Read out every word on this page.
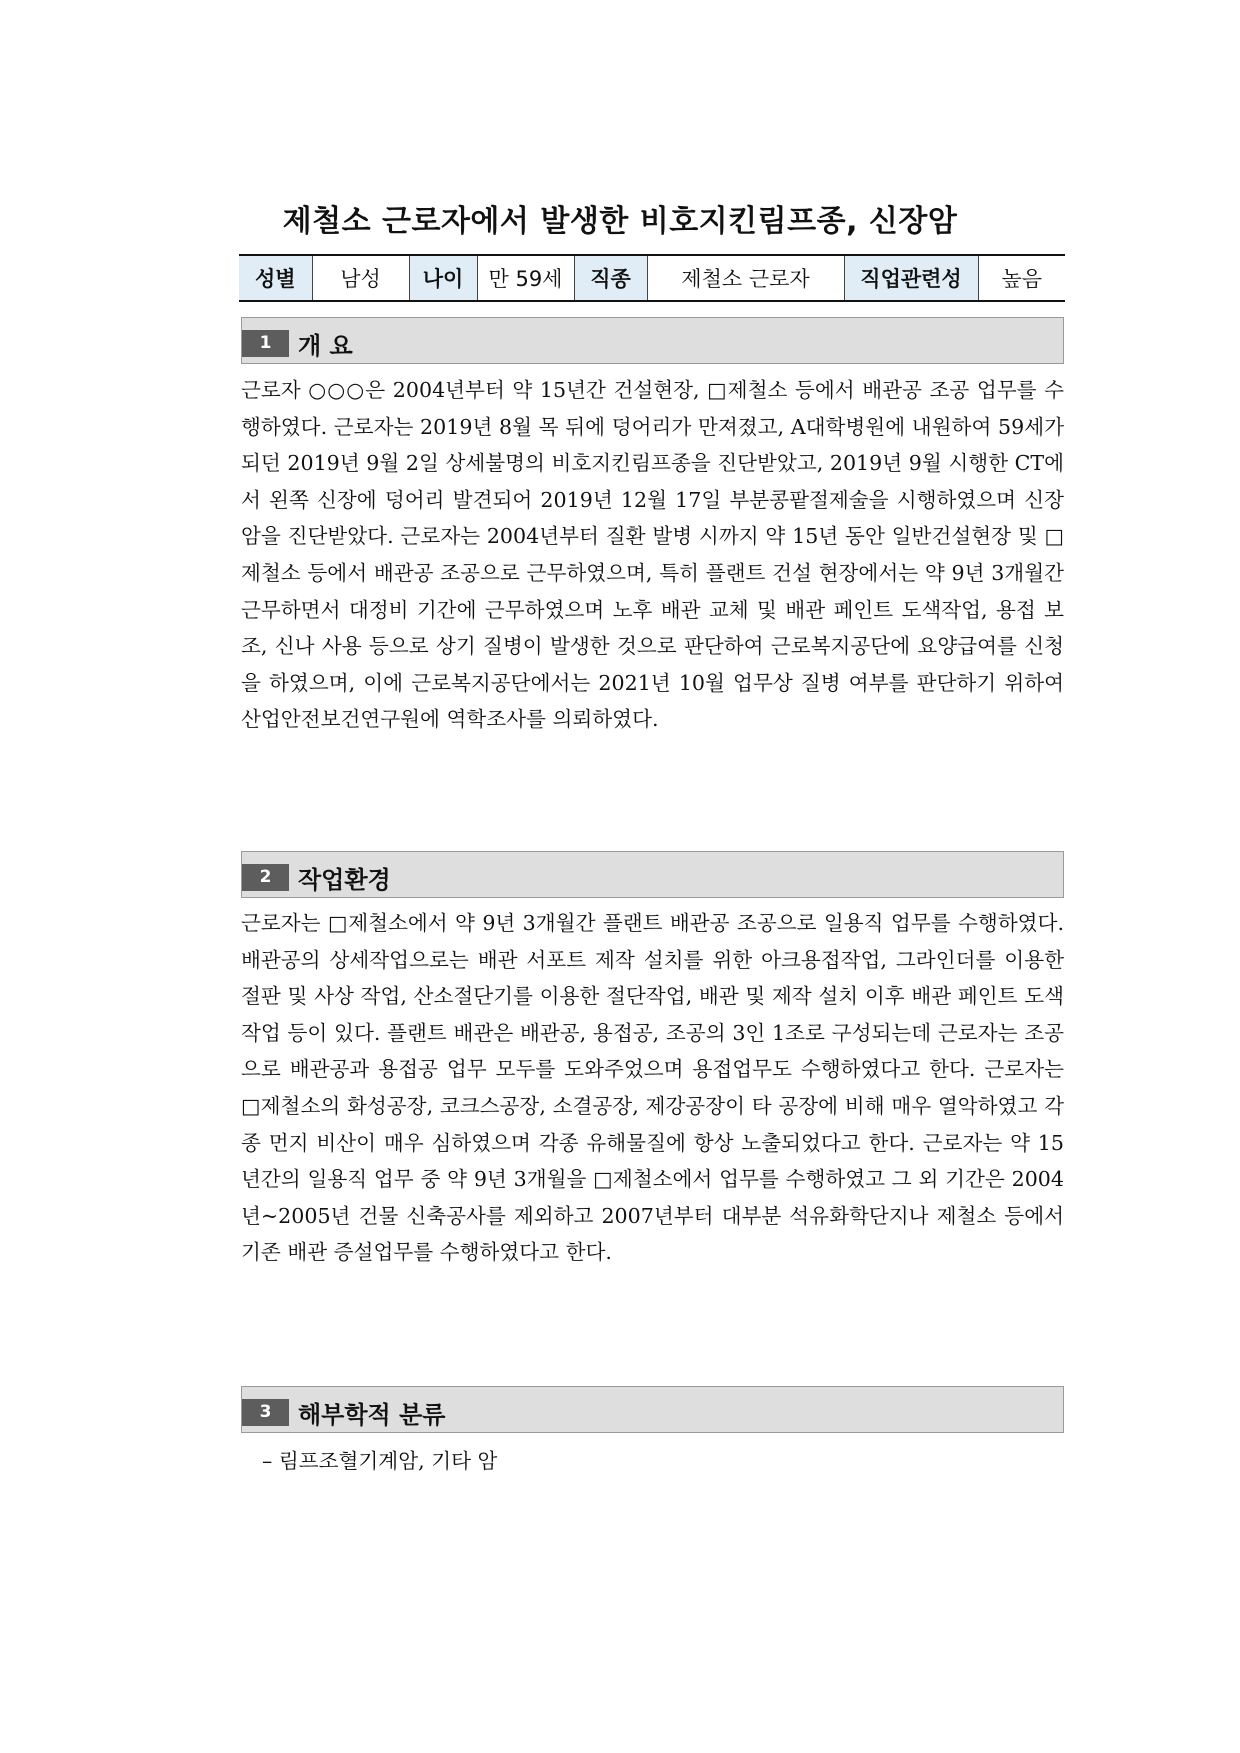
제철소 근로자에서 발생한 비호지킨림프종, 신장암
성별	남성	나이	만 59세	직종	제철소 근로자	직업관련성	높음
1	개 요
근로자 ○○○은 2004년부터 약 15년간 건설현장, □제철소 등에서 배관공 조공 업무를 수행하였다. 근로자는 2019년 8월 목 뒤에 덩어리가 만져졌고, A대학병원에 내원하여 59세가 되던 2019년 9월 2일 상세불명의 비호지킨림프종을 진단받았고, 2019년 9월 시행한 CT에서 왼쪽 신장에 덩어리 발견되어 2019년 12월 17일 부분콩팥절제술을 시행하였으며 신장암을 진단받았다. 근로자는 2004년부터 질환 발병 시까지 약 15년 동안 일반건설현장 및 □제철소 등에서 배관공 조공으로 근무하였으며, 특히 플랜트 건설 현장에서는 약 9년 3개월간 근무하면서 대정비 기간에 근무하였으며 노후 배관 교체 및 배관 페인트 도색작업, 용접 보조, 신나 사용 등으로 상기 질병이 발생한 것으로 판단하여 근로복지공단에 요양급여를 신청을 하였으며, 이에 근로복지공단에서는 2021년 10월 업무상 질병 여부를 판단하기 위하여 산업안전보건연구원에 역학조사를 의뢰하였다.
2	작업환경
근로자는 □제철소에서 약 9년 3개월간 플랜트 배관공 조공으로 일용직 업무를 수행하였다. 배관공의 상세작업으로는 배관 서포트 제작 설치를 위한 아크용접작업, 그라인더를 이용한 절판 및 사상 작업, 산소절단기를 이용한 절단작업, 배관 및 제작 설치 이후 배관 페인트 도색 작업 등이 있다. 플랜트 배관은 배관공, 용접공, 조공의 3인 1조로 구성되는데 근로자는 조공으로 배관공과 용접공 업무 모두를 도와주었으며 용접업무도 수행하였다고 한다. 근로자는 □제철소의 화성공장, 코크스공장, 소결공장, 제강공장이 타 공장에 비해 매우 열악하였고 각종 먼지 비산이 매우 심하였으며 각종 유해물질에 항상 노출되었다고 한다. 근로자는 약 15년간의 일용직 업무 중 약 9년 3개월을 □제철소에서 업무를 수행하였고 그 외 기간은 2004년~2005년 건물 신축공사를 제외하고 2007년부터 대부분 석유화학단지나 제철소 등에서 기존 배관 증설업무를 수행하였다고 한다.
3	해부학적 분류
– 림프조혈기계암, 기타 암
